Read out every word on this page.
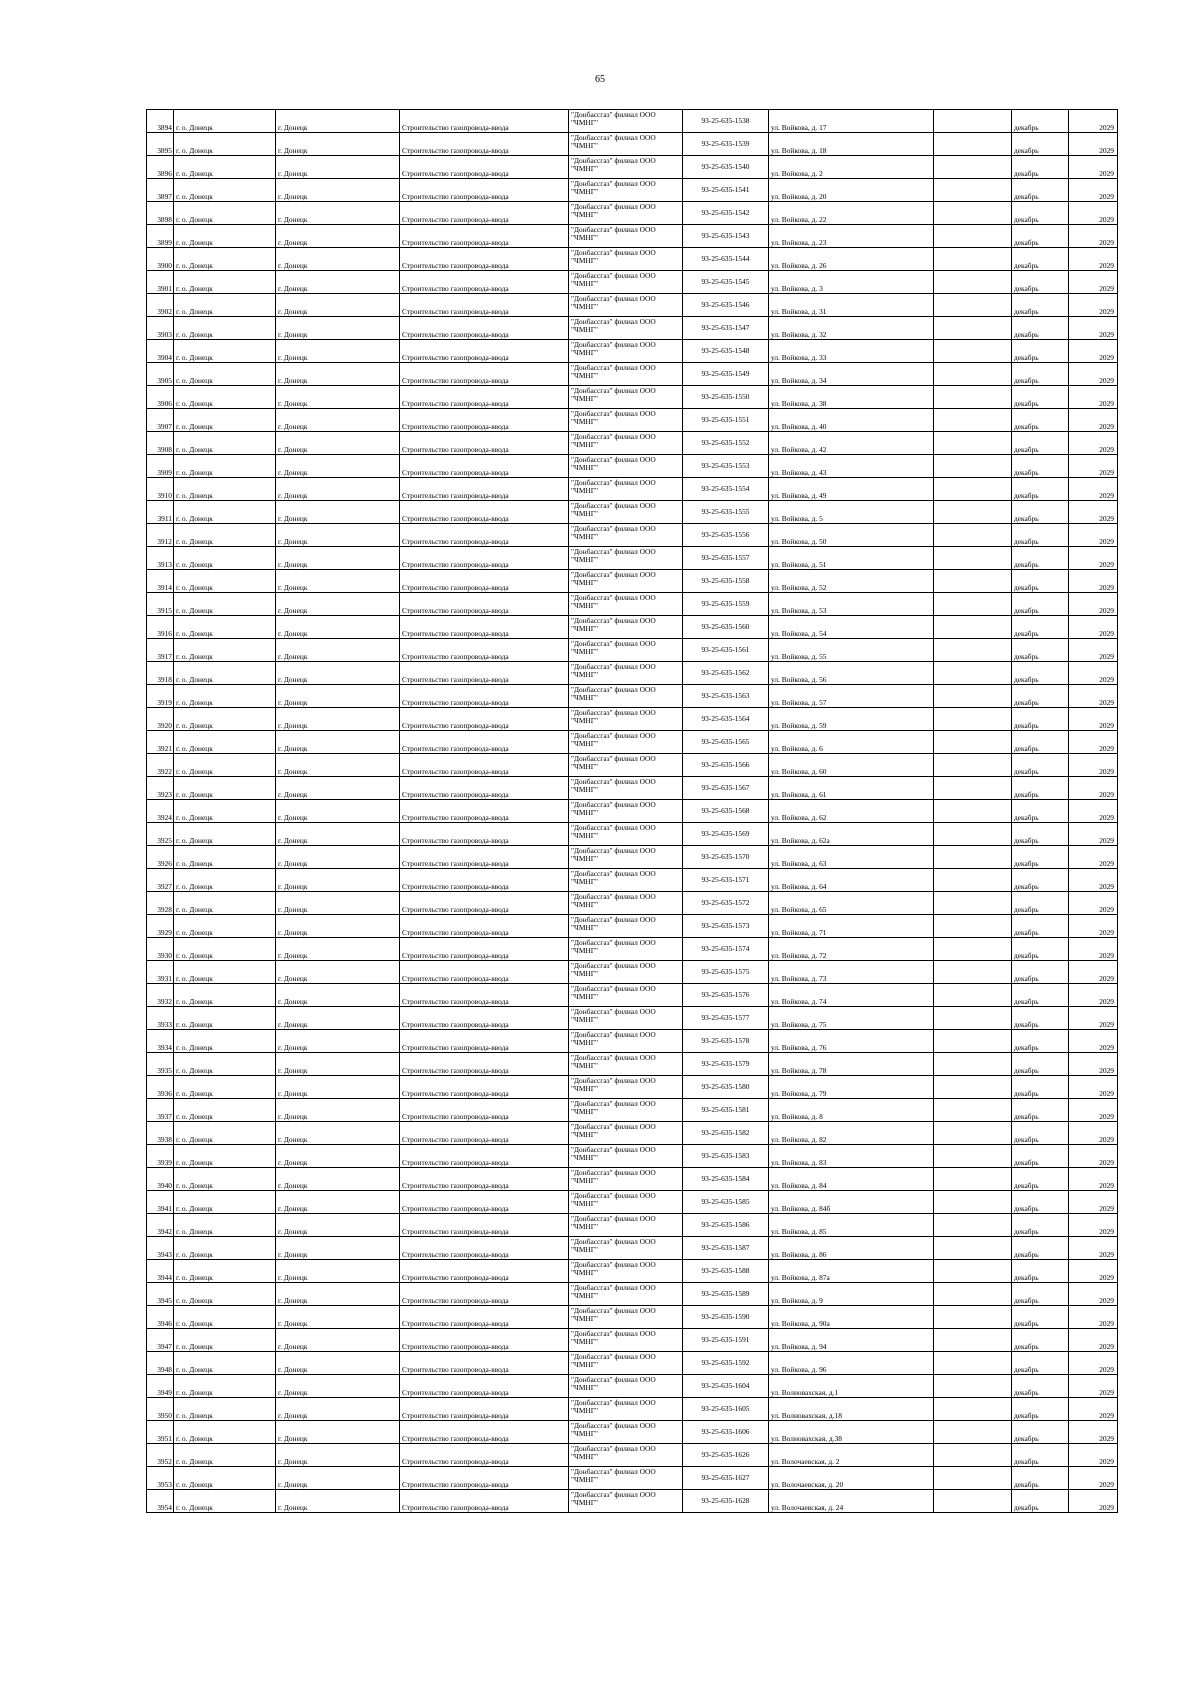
65
3894	г. о. Донецк	г. Донецк	Строительство газопровода-ввода	"Донбассгаз" филиал ООО "ЧМНГ"	93-25-635-1538	ул. Войкова, д. 17		декабрь	2029
3895	г. о. Донецк	г. Донецк	Строительство газопровода-ввода	"Донбассгаз" филиал ООО "ЧМНГ"	93-25-635-1539	ул. Войкова, д. 18		декабрь	2029
3896	г. о. Донецк	г. Донецк	Строительство газопровода-ввода	"Донбассгаз" филиал ООО "ЧМНГ"	93-25-635-1540	ул. Войкова, д. 2		декабрь	2029
3897	г. о. Донецк	г. Донецк	Строительство газопровода-ввода	"Донбассгаз" филиал ООО "ЧМНГ"	93-25-635-1541	ул. Войкова, д. 20		декабрь	2029
3898	г. о. Донецк	г. Донецк	Строительство газопровода-ввода	"Донбассгаз" филиал ООО "ЧМНГ"	93-25-635-1542	ул. Войкова, д. 22		декабрь	2029
3899	г. о. Донецк	г. Донецк	Строительство газопровода-ввода	"Донбассгаз" филиал ООО "ЧМНГ"	93-25-635-1543	ул. Войкова, д. 23		декабрь	2029
3900	г. о. Донецк	г. Донецк	Строительство газопровода-ввода	"Донбассгаз" филиал ООО "ЧМНГ"	93-25-635-1544	ул. Войкова, д. 26		декабрь	2029
3901	г. о. Донецк	г. Донецк	Строительство газопровода-ввода	"Донбассгаз" филиал ООО "ЧМНГ"	93-25-635-1545	ул. Войкова, д. 3		декабрь	2029
3902	г. о. Донецк	г. Донецк	Строительство газопровода-ввода	"Донбассгаз" филиал ООО "ЧМНГ"	93-25-635-1546	ул. Войкова, д. 31		декабрь	2029
3903	г. о. Донецк	г. Донецк	Строительство газопровода-ввода	"Донбассгаз" филиал ООО "ЧМНГ"	93-25-635-1547	ул. Войкова, д. 32		декабрь	2029
3904	г. о. Донецк	г. Донецк	Строительство газопровода-ввода	"Донбассгаз" филиал ООО "ЧМНГ"	93-25-635-1548	ул. Войкова, д. 33		декабрь	2029
3905	г. о. Донецк	г. Донецк	Строительство газопровода-ввода	"Донбассгаз" филиал ООО "ЧМНГ"	93-25-635-1549	ул. Войкова, д. 34		декабрь	2029
3906	г. о. Донецк	г. Донецк	Строительство газопровода-ввода	"Донбассгаз" филиал ООО "ЧМНГ"	93-25-635-1550	ул. Войкова, д. 38		декабрь	2029
3907	г. о. Донецк	г. Донецк	Строительство газопровода-ввода	"Донбассгаз" филиал ООО "ЧМНГ"	93-25-635-1551	ул. Войкова, д. 40		декабрь	2029
3908	г. о. Донецк	г. Донецк	Строительство газопровода-ввода	"Донбассгаз" филиал ООО "ЧМНГ"	93-25-635-1552	ул. Войкова, д. 42		декабрь	2029
3909	г. о. Донецк	г. Донецк	Строительство газопровода-ввода	"Донбассгаз" филиал ООО "ЧМНГ"	93-25-635-1553	ул. Войкова, д. 43		декабрь	2029
3910	г. о. Донецк	г. Донецк	Строительство газопровода-ввода	"Донбассгаз" филиал ООО "ЧМНГ"	93-25-635-1554	ул. Войкова, д. 49		декабрь	2029
3911	г. о. Донецк	г. Донецк	Строительство газопровода-ввода	"Донбассгаз" филиал ООО "ЧМНГ"	93-25-635-1555	ул. Войкова, д. 5		декабрь	2029
3912	г. о. Донецк	г. Донецк	Строительство газопровода-ввода	"Донбассгаз" филиал ООО "ЧМНГ"	93-25-635-1556	ул. Войкова, д. 50		декабрь	2029
3913	г. о. Донецк	г. Донецк	Строительство газопровода-ввода	"Донбассгаз" филиал ООО "ЧМНГ"	93-25-635-1557	ул. Войкова, д. 51		декабрь	2029
3914	г. о. Донецк	г. Донецк	Строительство газопровода-ввода	"Донбассгаз" филиал ООО "ЧМНГ"	93-25-635-1558	ул. Войкова, д. 52		декабрь	2029
3915	г. о. Донецк	г. Донецк	Строительство газопровода-ввода	"Донбассгаз" филиал ООО "ЧМНГ"	93-25-635-1559	ул. Войкова, д. 53		декабрь	2029
3916	г. о. Донецк	г. Донецк	Строительство газопровода-ввода	"Донбассгаз" филиал ООО "ЧМНГ"	93-25-635-1560	ул. Войкова, д. 54		декабрь	2029
3917	г. о. Донецк	г. Донецк	Строительство газопровода-ввода	"Донбассгаз" филиал ООО "ЧМНГ"	93-25-635-1561	ул. Войкова, д. 55		декабрь	2029
3918	г. о. Донецк	г. Донецк	Строительство газопровода-ввода	"Донбассгаз" филиал ООО "ЧМНГ"	93-25-635-1562	ул. Войкова, д. 56		декабрь	2029
3919	г. о. Донецк	г. Донецк	Строительство газопровода-ввода	"Донбассгаз" филиал ООО "ЧМНГ"	93-25-635-1563	ул. Войкова, д. 57		декабрь	2029
3920	г. о. Донецк	г. Донецк	Строительство газопровода-ввода	"Донбассгаз" филиал ООО "ЧМНГ"	93-25-635-1564	ул. Войкова, д. 59		декабрь	2029
3921	г. о. Донецк	г. Донецк	Строительство газопровода-ввода	"Донбассгаз" филиал ООО "ЧМНГ"	93-25-635-1565	ул. Войкова, д. 6		декабрь	2029
3922	г. о. Донецк	г. Донецк	Строительство газопровода-ввода	"Донбассгаз" филиал ООО "ЧМНГ"	93-25-635-1566	ул. Войкова, д. 60		декабрь	2029
3923	г. о. Донецк	г. Донецк	Строительство газопровода-ввода	"Донбассгаз" филиал ООО "ЧМНГ"	93-25-635-1567	ул. Войкова, д. 61		декабрь	2029
3924	г. о. Донецк	г. Донецк	Строительство газопровода-ввода	"Донбассгаз" филиал ООО "ЧМНГ"	93-25-635-1568	ул. Войкова, д. 62		декабрь	2029
3925	г. о. Донецк	г. Донецк	Строительство газопровода-ввода	"Донбассгаз" филиал ООО "ЧМНГ"	93-25-635-1569	ул. Войкова, д. 62а		декабрь	2029
3926	г. о. Донецк	г. Донецк	Строительство газопровода-ввода	"Донбассгаз" филиал ООО "ЧМНГ"	93-25-635-1570	ул. Войкова, д. 63		декабрь	2029
3927	г. о. Донецк	г. Донецк	Строительство газопровода-ввода	"Донбассгаз" филиал ООО "ЧМНГ"	93-25-635-1571	ул. Войкова, д. 64		декабрь	2029
3928	г. о. Донецк	г. Донецк	Строительство газопровода-ввода	"Донбассгаз" филиал ООО "ЧМНГ"	93-25-635-1572	ул. Войкова, д. 65		декабрь	2029
3929	г. о. Донецк	г. Донецк	Строительство газопровода-ввода	"Донбассгаз" филиал ООО "ЧМНГ"	93-25-635-1573	ул. Войкова, д. 71		декабрь	2029
3930	г. о. Донецк	г. Донецк	Строительство газопровода-ввода	"Донбассгаз" филиал ООО "ЧМНГ"	93-25-635-1574	ул. Войкова, д. 72		декабрь	2029
3931	г. о. Донецк	г. Донецк	Строительство газопровода-ввода	"Донбассгаз" филиал ООО "ЧМНГ"	93-25-635-1575	ул. Войкова, д. 73		декабрь	2029
3932	г. о. Донецк	г. Донецк	Строительство газопровода-ввода	"Донбассгаз" филиал ООО "ЧМНГ"	93-25-635-1576	ул. Войкова, д. 74		декабрь	2029
3933	г. о. Донецк	г. Донецк	Строительство газопровода-ввода	"Донбассгаз" филиал ООО "ЧМНГ"	93-25-635-1577	ул. Войкова, д. 75		декабрь	2029
3934	г. о. Донецк	г. Донецк	Строительство газопровода-ввода	"Донбассгаз" филиал ООО "ЧМНГ"	93-25-635-1578	ул. Войкова, д. 76		декабрь	2029
3935	г. о. Донецк	г. Донецк	Строительство газопровода-ввода	"Донбассгаз" филиал ООО "ЧМНГ"	93-25-635-1579	ул. Войкова, д. 78		декабрь	2029
3936	г. о. Донецк	г. Донецк	Строительство газопровода-ввода	"Донбассгаз" филиал ООО "ЧМНГ"	93-25-635-1580	ул. Войкова, д. 79		декабрь	2029
3937	г. о. Донецк	г. Донецк	Строительство газопровода-ввода	"Донбассгаз" филиал ООО "ЧМНГ"	93-25-635-1581	ул. Войкова, д. 8		декабрь	2029
3938	г. о. Донецк	г. Донецк	Строительство газопровода-ввода	"Донбассгаз" филиал ООО "ЧМНГ"	93-25-635-1582	ул. Войкова, д. 82		декабрь	2029
3939	г. о. Донецк	г. Донецк	Строительство газопровода-ввода	"Донбассгаз" филиал ООО "ЧМНГ"	93-25-635-1583	ул. Войкова, д. 83		декабрь	2029
3940	г. о. Донецк	г. Донецк	Строительство газопровода-ввода	"Донбассгаз" филиал ООО "ЧМНГ"	93-25-635-1584	ул. Войкова, д. 84		декабрь	2029
3941	г. о. Донецк	г. Донецк	Строительство газопровода-ввода	"Донбассгаз" филиал ООО "ЧМНГ"	93-25-635-1585	ул. Войкова, д. 84б		декабрь	2029
3942	г. о. Донецк	г. Донецк	Строительство газопровода-ввода	"Донбассгаз" филиал ООО "ЧМНГ"	93-25-635-1586	ул. Войкова, д. 85		декабрь	2029
3943	г. о. Донецк	г. Донецк	Строительство газопровода-ввода	"Донбассгаз" филиал ООО "ЧМНГ"	93-25-635-1587	ул. Войкова, д. 86		декабрь	2029
3944	г. о. Донецк	г. Донецк	Строительство газопровода-ввода	"Донбассгаз" филиал ООО "ЧМНГ"	93-25-635-1588	ул. Войкова, д. 87а		декабрь	2029
3945	г. о. Донецк	г. Донецк	Строительство газопровода-ввода	"Донбассгаз" филиал ООО "ЧМНГ"	93-25-635-1589	ул. Войкова, д. 9		декабрь	2029
3946	г. о. Донецк	г. Донецк	Строительство газопровода-ввода	"Донбассгаз" филиал ООО "ЧМНГ"	93-25-635-1590	ул. Войкова, д. 90а		декабрь	2029
3947	г. о. Донецк	г. Донецк	Строительство газопровода-ввода	"Донбассгаз" филиал ООО "ЧМНГ"	93-25-635-1591	ул. Войкова, д. 94		декабрь	2029
3948	г. о. Донецк	г. Донецк	Строительство газопровода-ввода	"Донбассгаз" филиал ООО "ЧМНГ"	93-25-635-1592	ул. Войкова, д. 96		декабрь	2029
3949	г. о. Донецк	г. Донецк	Строительство газопровода-ввода	"Донбассгаз" филиал ООО "ЧМНГ"	93-25-635-1604	ул. Волновахская, д.1		декабрь	2029
3950	г. о. Донецк	г. Донецк	Строительство газопровода-ввода	"Донбассгаз" филиал ООО "ЧМНГ"	93-25-635-1605	ул. Волновахская, д.18		декабрь	2029
3951	г. о. Донецк	г. Донецк	Строительство газопровода-ввода	"Донбассгаз" филиал ООО "ЧМНГ"	93-25-635-1606	ул. Волновахская, д.38		декабрь	2029
3952	г. о. Донецк	г. Донецк	Строительство газопровода-ввода	"Донбассгаз" филиал ООО "ЧМНГ"	93-25-635-1626	ул. Волочаевская, д. 2		декабрь	2029
3953	г. о. Донецк	г. Донецк	Строительство газопровода-ввода	"Донбассгаз" филиал ООО "ЧМНГ"	93-25-635-1627	ул. Волочаевская, д. 20		декабрь	2029
3954	г. о. Донецк	г. Донецк	Строительство газопровода-ввода	"Донбассгаз" филиал ООО "ЧМНГ"	93-25-635-1628	ул. Волочаевская, д. 24		декабрь	2029
